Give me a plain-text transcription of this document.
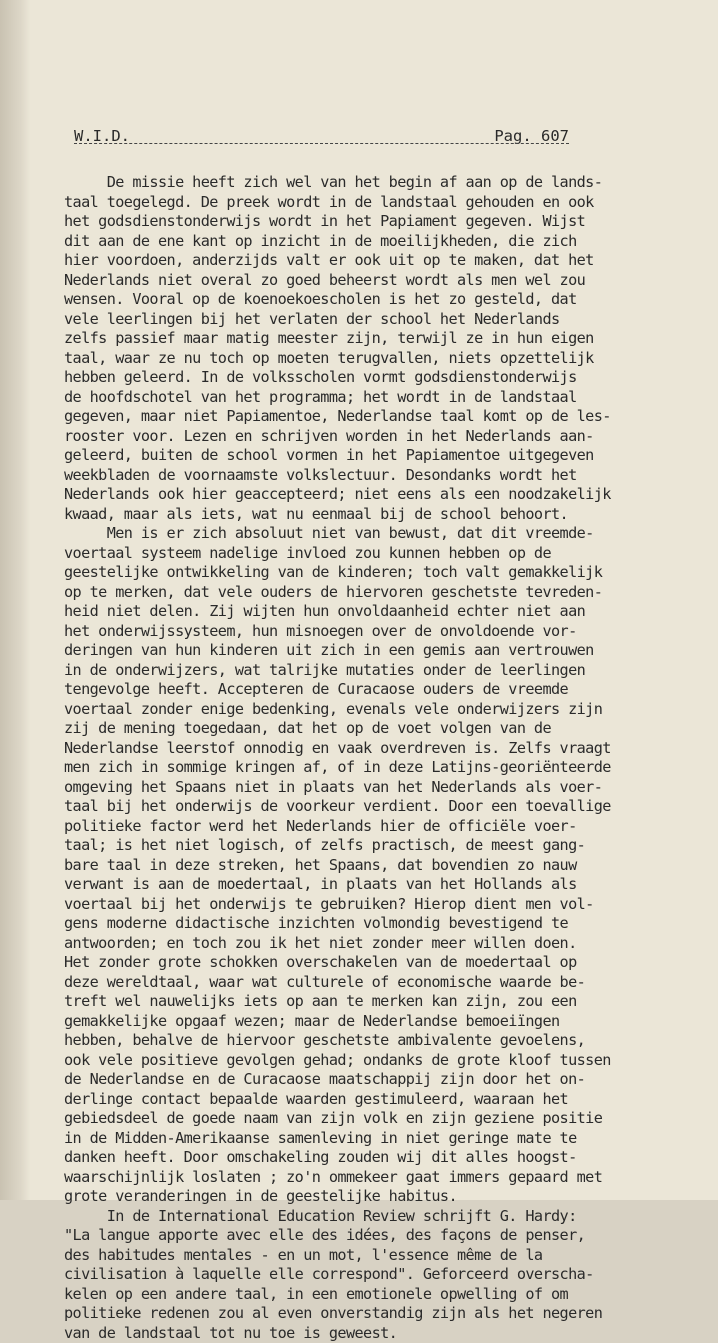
W.I.D.	Pag. 607
De missie heeft zich wel van het begin af aan op de lands-
taal toegelegd. De preek wordt in de landstaal gehouden en ook
het godsdienstonderwijs wordt in het Papiament gegeven. Wijst
dit aan de ene kant op inzicht in de moeilijkheden, die zich
hier voordoen, anderzijds valt er ook uit op te maken, dat het
Nederlands niet overal zo goed beheerst wordt als men wel zou
wensen. Vooral op de koenoekoescholen is het zo gesteld, dat
vele leerlingen bij het verlaten der school het Nederlands
zelfs passief maar matig meester zijn, terwijl ze in hun eigen
taal, waar ze nu toch op moeten terugvallen, niets opzettelijk
hebben geleerd. In de volksscholen vormt godsdienstonderwijs
de hoofdschotel van het programma; het wordt in de landstaal
gegeven, maar niet Papiamentoe, Nederlandse taal komt op de les-
rooster voor. Lezen en schrijven worden in het Nederlands aan-
geleerd, buiten de school vormen in het Papiamentoe uitgegeven
weekbladen de voornaamste volkslectuur. Desondanks wordt het
Nederlands ook hier geaccepteerd; niet eens als een noodzakelijk
kwaad, maar als iets, wat nu eenmaal bij de school behoort.
Men is er zich absoluut niet van bewust, dat dit vreemde-
voertaal systeem nadelige invloed zou kunnen hebben op de
geestelijke ontwikkeling van de kinderen; toch valt gemakkelijk
op te merken, dat vele ouders de hiervoren geschetste tevreden-
heid niet delen. Zij wijten hun onvoldaanheid echter niet aan
het onderwijssysteem, hun misnoegen over de onvoldoende vor-
deringen van hun kinderen uit zich in een gemis aan vertrouwen
in de onderwijzers, wat talrijke mutaties onder de leerlingen
tengevolge heeft. Accepteren de Curacaose ouders de vreemde
voertaal zonder enige bedenking, evenals vele onderwijzers zijn
zij de mening toegedaan, dat het op de voet volgen van de
Nederlandse leerstof onnodig en vaak overdreven is. Zelfs vraagt
men zich in sommige kringen af, of in deze Latijns-georiënteerde
omgeving het Spaans niet in plaats van het Nederlands als voer-
taal bij het onderwijs de voorkeur verdient. Door een toevallige
politieke factor werd het Nederlands hier de officiële voer-
taal; is het niet logisch, of zelfs practisch, de meest gang-
bare taal in deze streken, het Spaans, dat bovendien zo nauw
verwant is aan de moedertaal, in plaats van het Hollands als
voertaal bij het onderwijs te gebruiken? Hierop dient men vol-
gens moderne didactische inzichten volmondig bevestigend te
antwoorden; en toch zou ik het niet zonder meer willen doen.
Het zonder grote schokken overschakelen van de moedertaal op
deze wereldtaal, waar wat culturele of economische waarde be-
treft wel nauwelijks iets op aan te merken kan zijn, zou een
gemakkelijke opgaaf wezen; maar de Nederlandse bemoeiïngen
hebben, behalve de hiervoor geschetste ambivalente gevoelens,
ook vele positieve gevolgen gehad; ondanks de grote kloof tussen
de Nederlandse en de Curacaose maatschappij zijn door het on-
derlinge contact bepaalde waarden gestimuleerd, waaraan het
gebiedsdeel de goede naam van zijn volk en zijn geziene positie
in de Midden-Amerikaanse samenleving in niet geringe mate te
danken heeft. Door omschakeling zouden wij dit alles hoogst-
waarschijnlijk loslaten ; zo'n ommekeer gaat immers gepaard met
grote veranderingen in de geestelijke habitus.
In de International Education Review schrijft G. Hardy:
"La langue apporte avec elle des idées, des façons de penser,
des habitudes mentales - en un mot, l'essence même de la
civilisation à laquelle elle correspond". Geforceerd overscha-
kelen op een andere taal, in een emotionele opwelling of om
politieke redenen zou al even onverstandig zijn als het negeren
van de landstaal tot nu toe is geweest.
